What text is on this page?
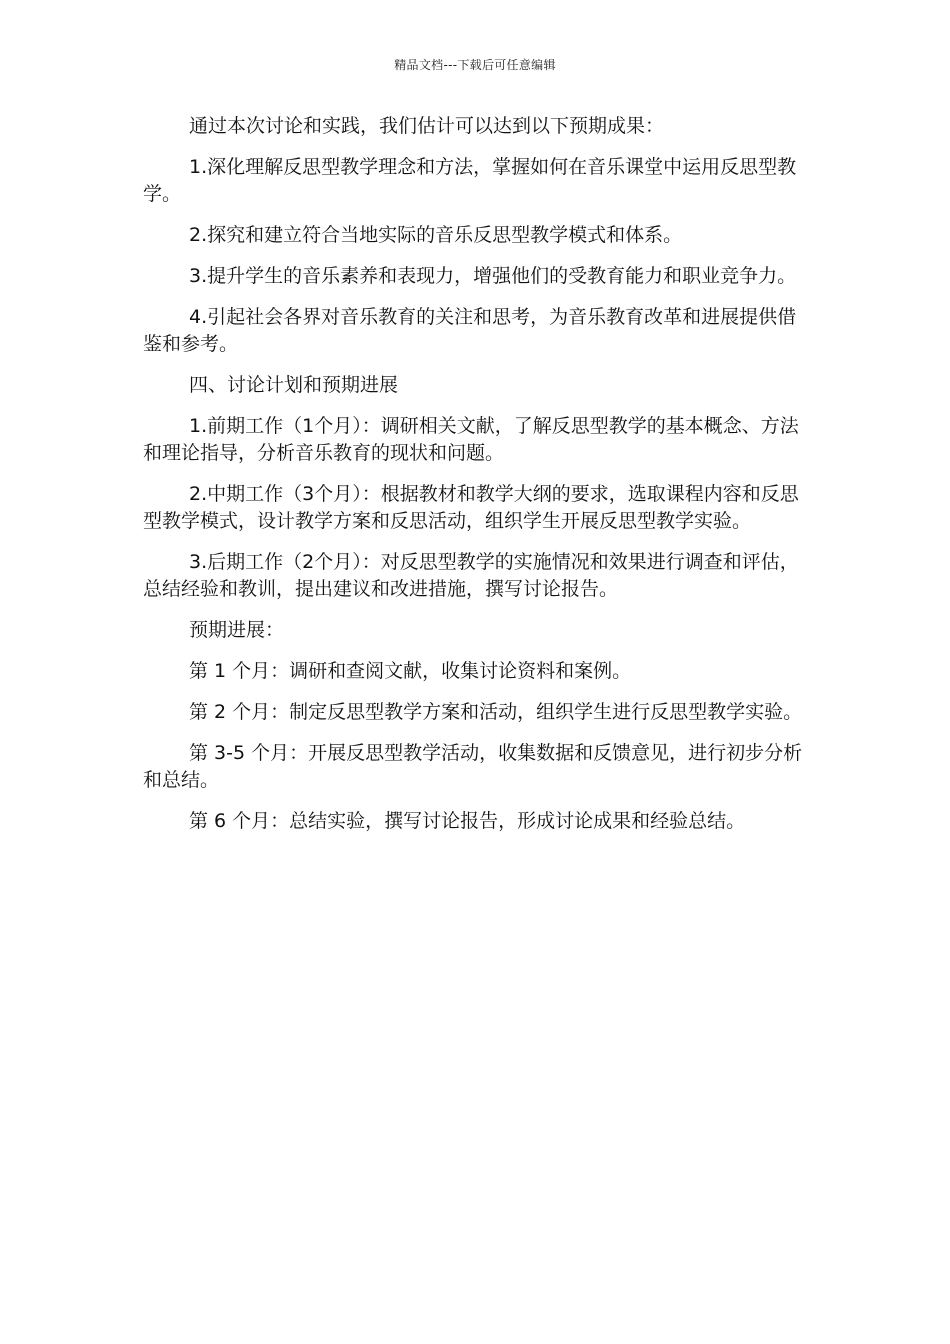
精品文档---下载后可任意编辑

通过本次讨论和实践，我们估计可以达到以下预期成果：

1.深化理解反思型教学理念和方法，掌握如何在音乐课堂中运用反思型教学。

2.探究和建立符合当地实际的音乐反思型教学模式和体系。

3.提升学生的音乐素养和表现力，增强他们的受教育能力和职业竞争力。

4.引起社会各界对音乐教育的关注和思考，为音乐教育改革和进展提供借鉴和参考。

四、讨论计划和预期进展

1.前期工作（1个月）：调研相关文献，了解反思型教学的基本概念、方法和理论指导，分析音乐教育的现状和问题。

2.中期工作（3个月）：根据教材和教学大纲的要求，选取课程内容和反思型教学模式，设计教学方案和反思活动，组织学生开展反思型教学实验。

3.后期工作（2个月）：对反思型教学的实施情况和效果进行调查和评估，总结经验和教训，提出建议和改进措施，撰写讨论报告。

预期进展：

第 1 个月：调研和查阅文献，收集讨论资料和案例。

第 2 个月：制定反思型教学方案和活动，组织学生进行反思型教学实验。

第 3-5 个月：开展反思型教学活动，收集数据和反馈意见，进行初步分析和总结。

第 6 个月：总结实验，撰写讨论报告，形成讨论成果和经验总结。
